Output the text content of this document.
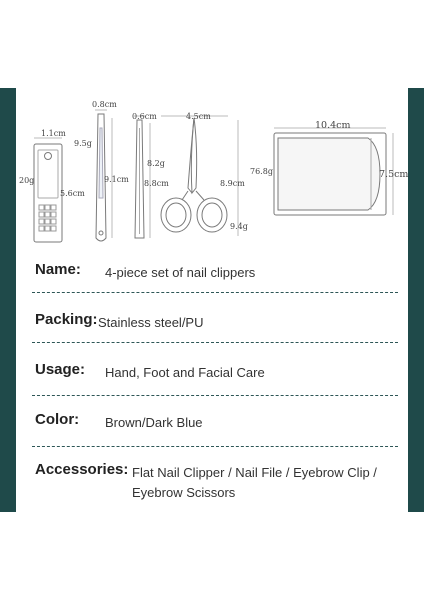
1.1cm
20g
5.6cm
0.8cm
9.5g
9.1cm
0.6cm
8.2g
8.8cm
4.5cm
8.9cm
9.4g
10.4cm
76.8g	7.5cm
Name: 4-piece set of nail clippers
Packing: Stainless steel/PU
Usage: Hand, Foot and Facial Care
Color: Brown/Dark Blue
Accessories: Flat Nail Clipper / Nail File / Eyebrow Clip /
Eyebrow Scissors
